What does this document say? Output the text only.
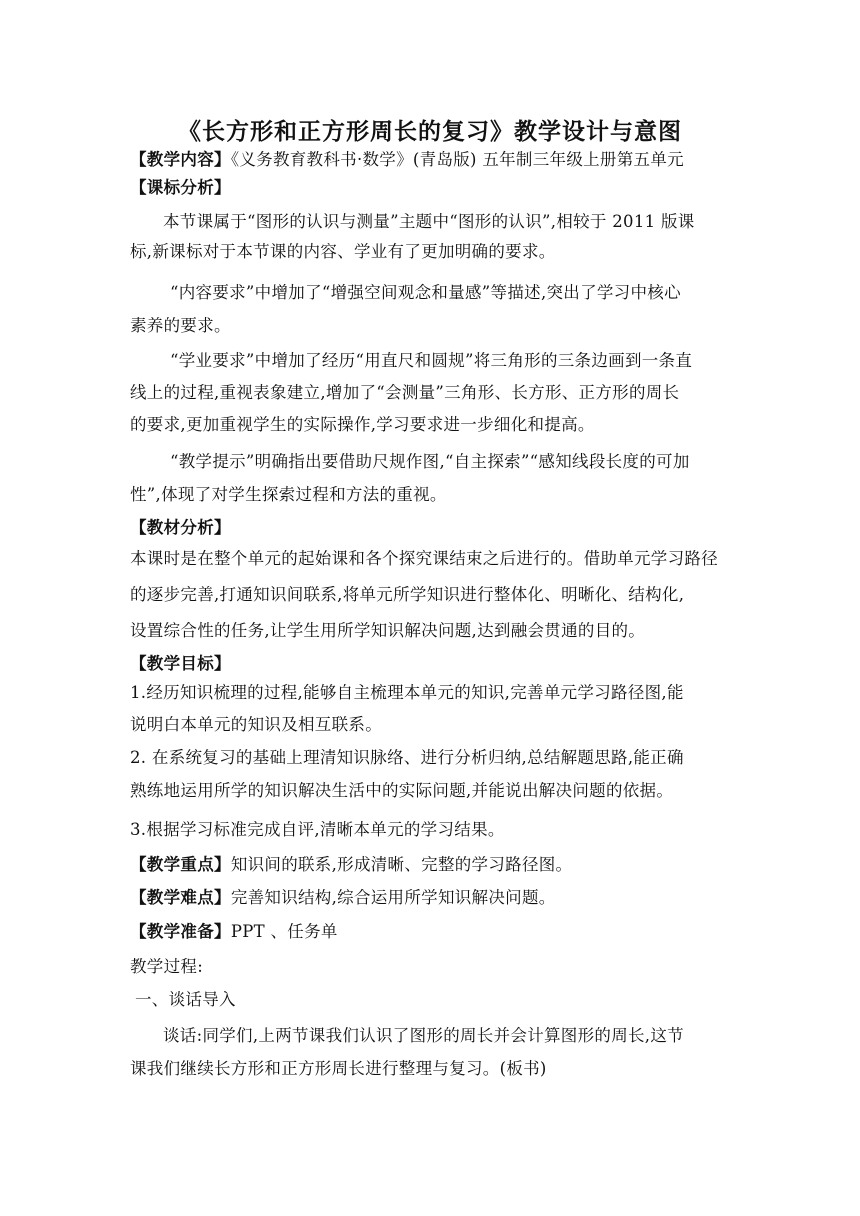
《长方形和正方形周长的复习》教学设计与意图
【教学内容】《义务教育教科书·数学》(青岛版) 五年制三年级上册第五单元
【课标分析】
本节课属于“图形的认识与测量”主题中“图形的认识”,相较于 2011 版课
标,新课标对于本节课的内容、学业有了更加明确的要求。
“内容要求”中增加了“增强空间观念和量感”等描述,突出了学习中核心
素养的要求。
“学业要求”中增加了经历“用直尺和圆规”将三角形的三条边画到一条直
线上的过程,重视表象建立,增加了“会测量”三角形、长方形、正方形的周长
的要求,更加重视学生的实际操作,学习要求进一步细化和提高。
“教学提示”明确指出要借助尺规作图,“自主探索”“感知线段长度的可加
性”,体现了对学生探索过程和方法的重视。
【教材分析】
本课时是在整个单元的起始课和各个探究课结束之后进行的。借助单元学习路径
的逐步完善,打通知识间联系,将单元所学知识进行整体化、明晰化、结构化,
设置综合性的任务,让学生用所学知识解决问题,达到融会贯通的目的。
【教学目标】
1.经历知识梳理的过程,能够自主梳理本单元的知识,完善单元学习路径图,能
说明白本单元的知识及相互联系。
2. 在系统复习的基础上理清知识脉络、进行分析归纳,总结解题思路,能正确
熟练地运用所学的知识解决生活中的实际问题,并能说出解决问题的依据。
3.根据学习标准完成自评,清晰本单元的学习结果。
【教学重点】知识间的联系,形成清晰、完整的学习路径图。
【教学难点】完善知识结构,综合运用所学知识解决问题。
【教学准备】PPT 、任务单
教学过程:
一、谈话导入
谈话:同学们,上两节课我们认识了图形的周长并会计算图形的周长,这节
课我们继续长方形和正方形周长进行整理与复习。(板书)
